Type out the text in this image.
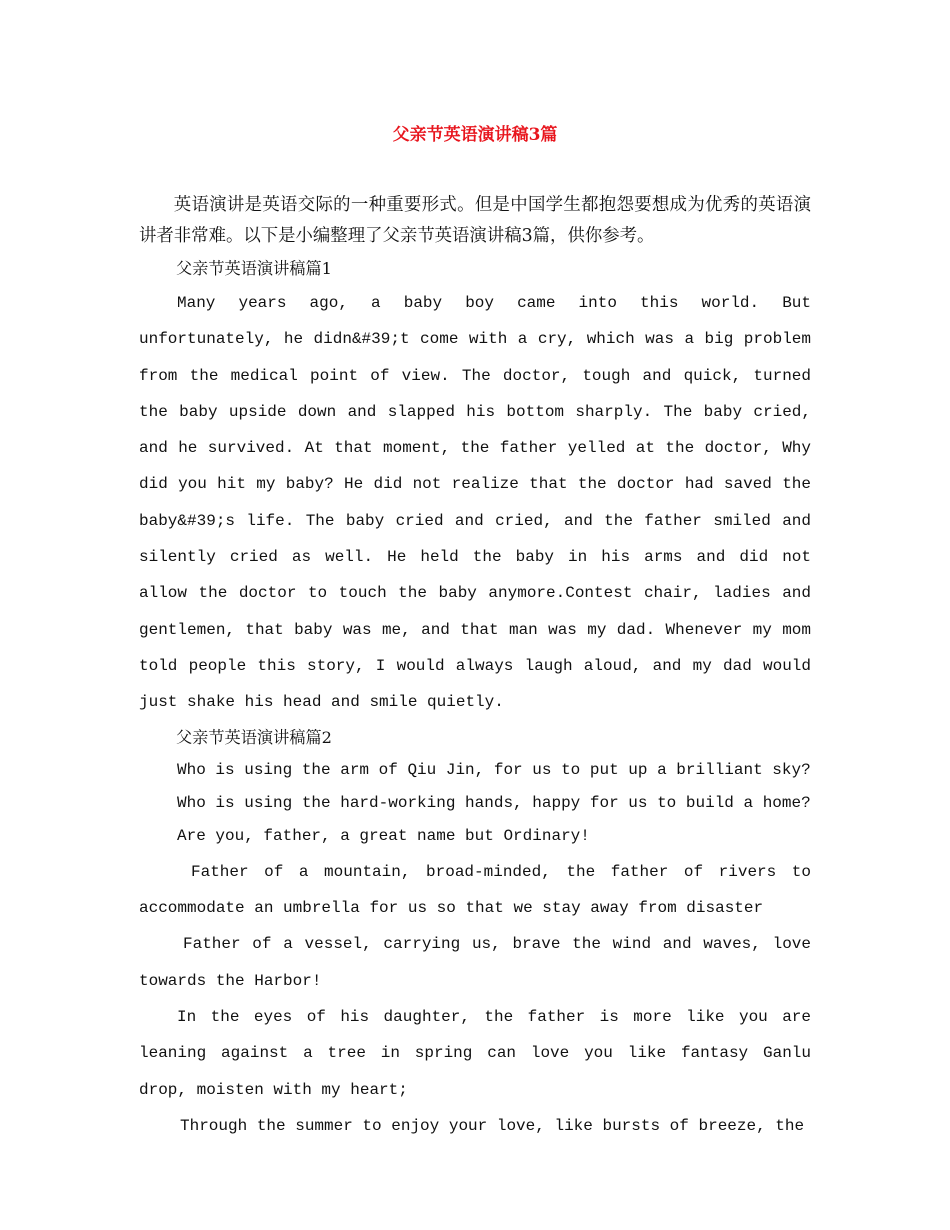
父亲节英语演讲稿3篇

英语演讲是英语交际的一种重要形式。但是中国学生都抱怨要想成为优秀的英语演讲者非常难。以下是小编整理了父亲节英语演讲稿3篇，供你参考。

父亲节英语演讲稿篇1

Many years ago, a baby boy came into this world. But unfortunately, he didn&#39;t come with a cry, which was a big problem from the medical point of view. The doctor, tough and quick, turned the baby upside down and slapped his bottom sharply. The baby cried, and he survived. At that moment, the father yelled at the doctor, Why did you hit my baby? He did not realize that the doctor had saved the baby&#39;s life. The baby cried and cried, and the father smiled and silently cried as well. He held the baby in his arms and did not allow the doctor to touch the baby anymore.Contest chair, ladies and gentlemen, that baby was me, and that man was my dad. Whenever my mom told people this story, I would always laugh aloud, and my dad would just shake his head and smile quietly.

父亲节英语演讲稿篇2

Who is using the arm of Qiu Jin, for us to put up a brilliant sky?

Who is using the hard-working hands, happy for us to build a home?

Are you, father, a great name but Ordinary!

Father of a mountain, broad-minded, the father of rivers to accommodate an umbrella for us so that we stay away from disaster

Father of a vessel, carrying us, brave the wind and waves, love towards the Harbor!

In the eyes of his daughter, the father is more like you are leaning against a tree in spring can love you like fantasy Ganlu drop, moisten with my heart;

Through the summer to enjoy your love, like bursts of breeze, the
